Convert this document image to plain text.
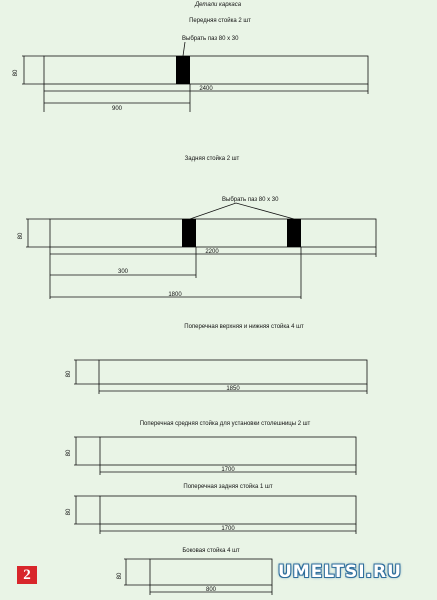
Детали каркаса
Передняя стойка 2 шт
Выбрать паз 80 х 30
80
2400
900
Задняя стойка 2 шт
Выбрать паз 80 х 30
80
2200
300
1800
Поперечная верхняя и нижняя стойка 4 шт
80
1850
Поперечная средняя стойка для установки столешницы 2 шт
80
1700
Поперечная задняя стойка 1 шт
80
1700
Боковая стойка 4 шт
80
800
2	UMELTSI.RU
